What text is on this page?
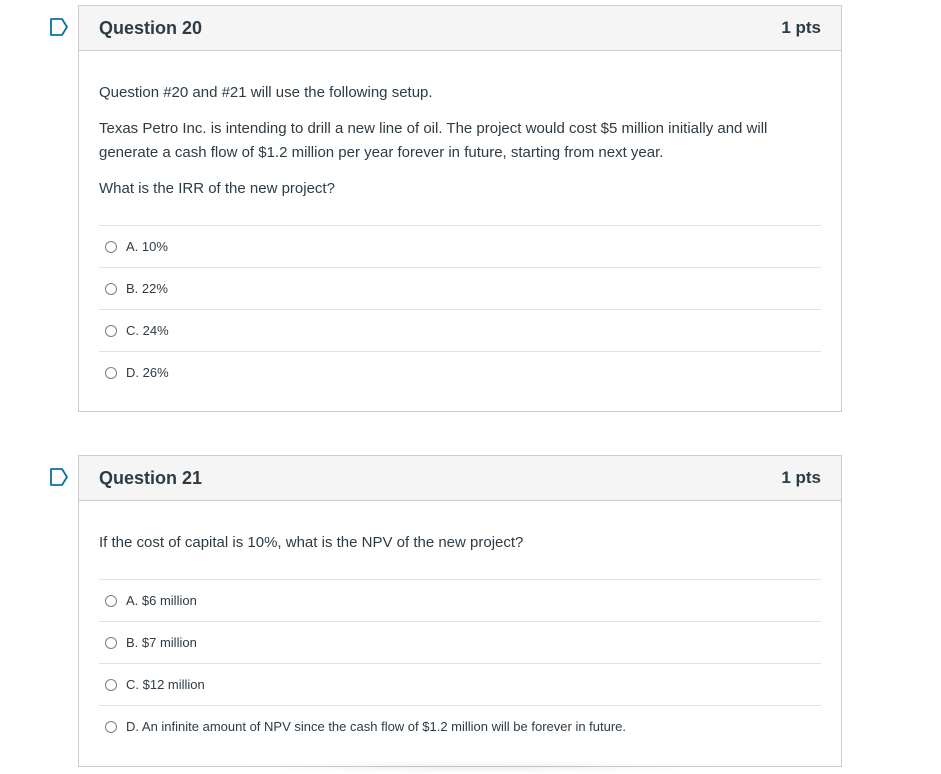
Question 20	1 pts

Question #20 and #21 will use the following setup.

Texas Petro Inc. is intending to drill a new line of oil. The project would cost $5 million initially and will generate a cash flow of $1.2 million per year forever in future, starting from next year.

What is the IRR of the new project?

A. 10%
B. 22%
C. 24%
D. 26%
Question 21	1 pts

If the cost of capital is 10%, what is the NPV of the new project?

A. $6 million
B. $7 million
C. $12 million
D. An infinite amount of NPV since the cash flow of $1.2 million will be forever in future.
